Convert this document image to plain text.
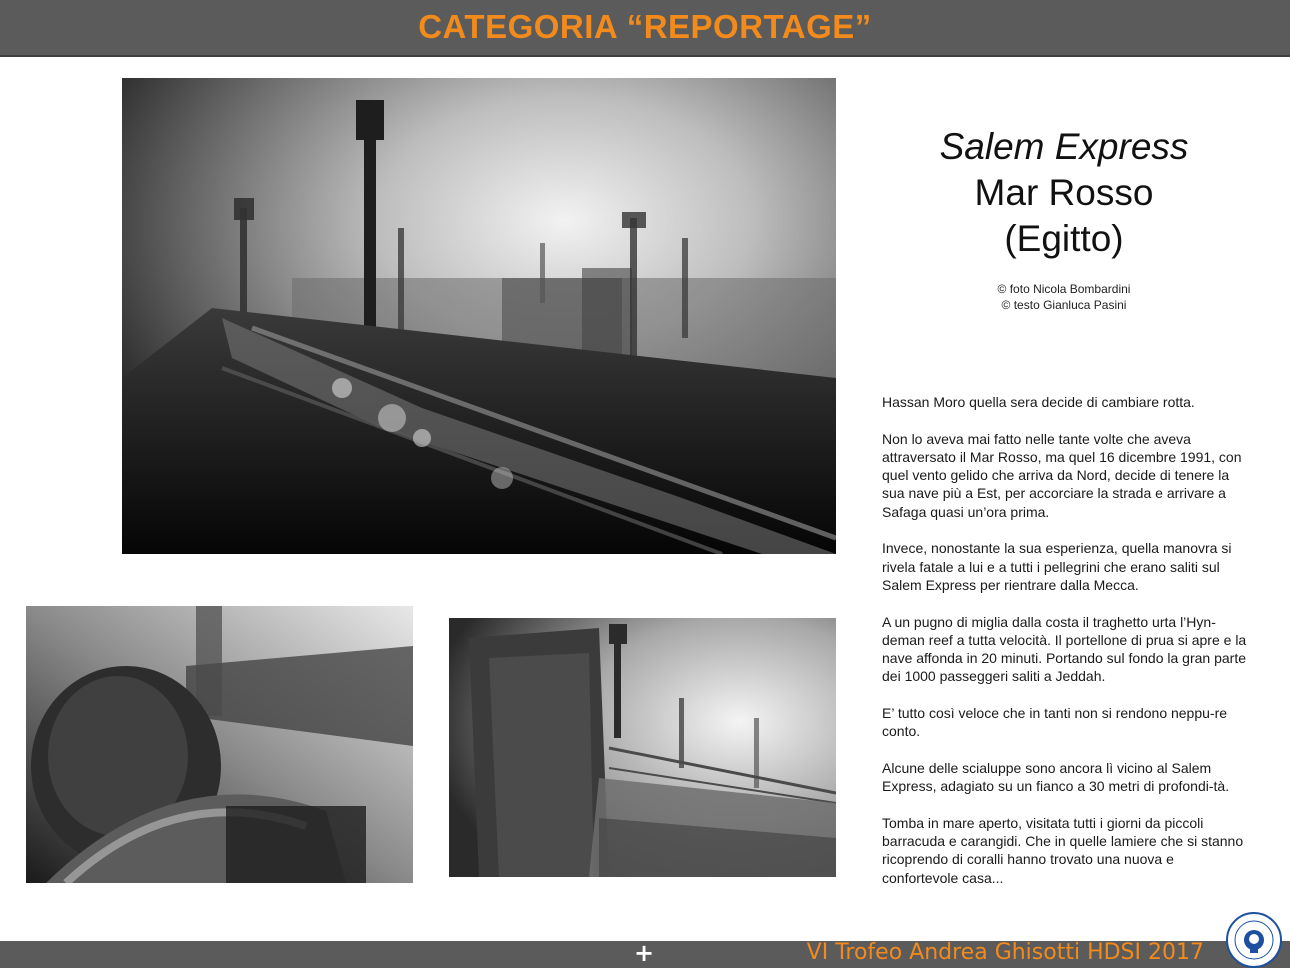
CATEGORIA “REPORTAGE”
Salem Express
Mar Rosso
(Egitto)
© foto Nicola Bombardini
© testo Gianluca Pasini

Hassan Moro quella sera decide di cambiare rotta.

Non lo aveva mai fatto nelle tante volte che aveva attraversato il Mar Rosso, ma quel 16 dicembre 1991, con quel vento gelido che arriva da Nord, decide di tenere la sua nave più a Est, per accorciare la strada e arrivare a Safaga quasi un’ora prima.

Invece, nonostante la sua esperienza, quella manovra si rivela fatale a lui e a tutti i pellegrini che erano saliti sul Salem Express per rientrare dalla Mecca.

A un pugno di miglia dalla costa il traghetto urta l’Hyn-deman reef a tutta velocità. Il portellone di prua si apre e la nave affonda in 20 minuti. Portando sul fondo la gran parte dei 1000 passeggeri saliti a Jeddah.

E’ tutto così veloce che in tanti non si rendono neppu-re conto.

Alcune delle scialuppe sono ancora lì vicino al Salem Express, adagiato su un fianco a 30 metri di profondi-tà.

Tomba in mare aperto, visitata tutti i giorni da piccoli barracuda e carangidi. Che in quelle lamiere che si stanno ricoprendo di coralli hanno trovato una nuova e confortevole casa...

+	VI Trofeo Andrea Ghisotti HDSI 2017
